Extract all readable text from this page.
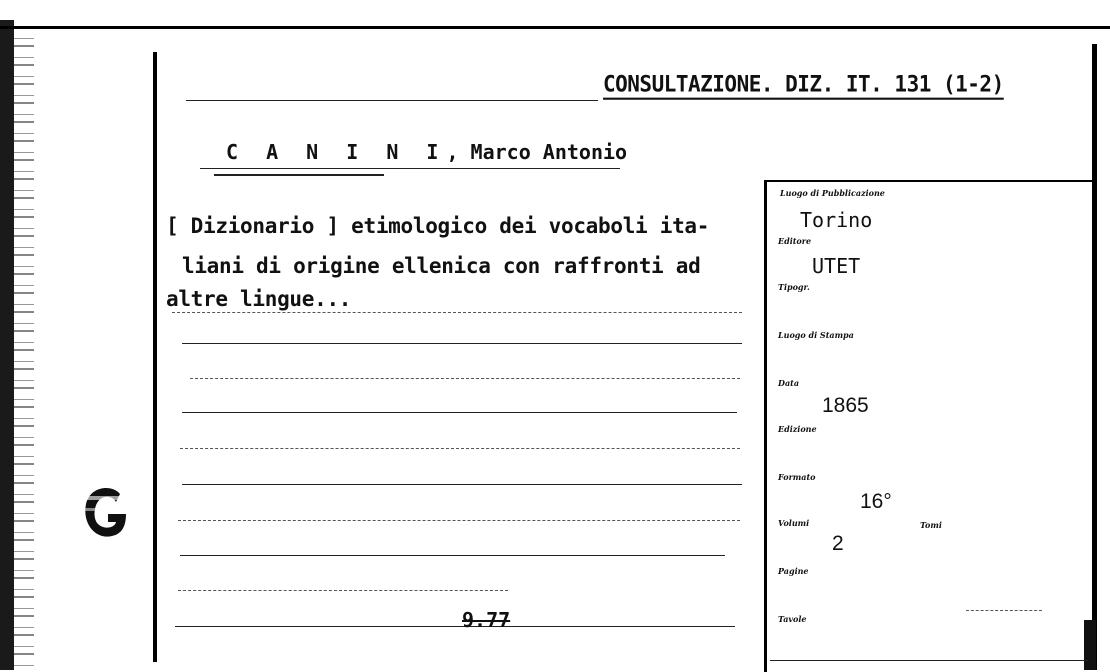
CONSULTAZIONE. DIZ. IT. 131 (1-2)
C A N I N I, Marco Antonio
[ Dizionario ] etimologico dei vocaboli ita-
liani di origine ellenica con raffronti ad
altre lingue...
9.77
Luogo di Pubblicazione
Torino
Editore
UTET
Tipogr.
Luogo di Stampa
Data
1865
Edizione
Formato
16°
Volumi
2
Tomi
Pagine
Tavole
